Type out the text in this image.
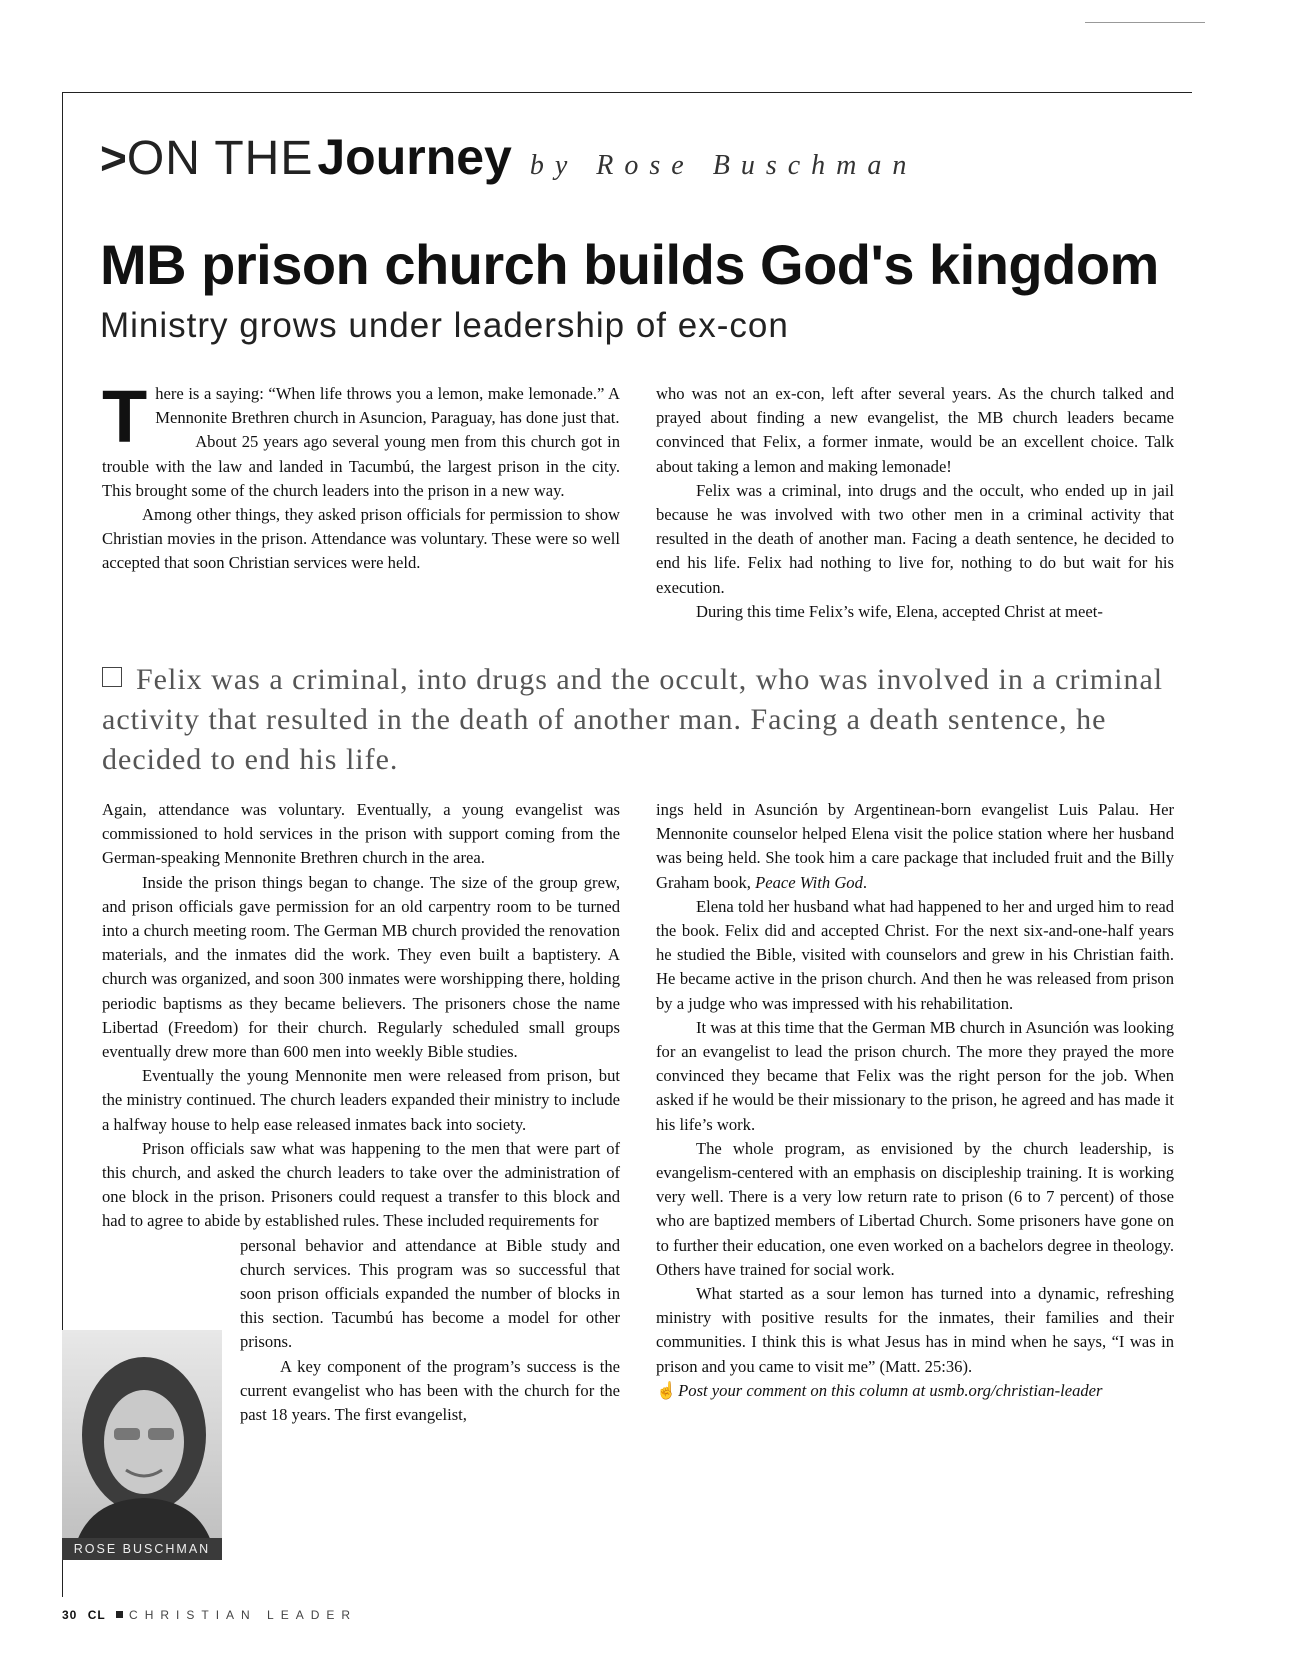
>ON THE Journey by Rose Buschman
MB prison church builds God's kingdom
Ministry grows under leadership of ex-con

There is a saying: “When life throws you a lemon, make lemonade.” A Mennonite Brethren church in Asuncion, Paraguay, has done just that.

About 25 years ago several young men from this church got in trouble with the law and landed in Tacumbú, the largest prison in the city. This brought some of the church leaders into the prison in a new way.

Among other things, they asked prison officials for permission to show Christian movies in the prison. Attendance was voluntary. These were so well accepted that soon Christian services were held.

who was not an ex-con, left after several years. As the church talked and prayed about finding a new evangelist, the MB church leaders became convinced that Felix, a former inmate, would be an excellent choice. Talk about taking a lemon and making lemonade!

Felix was a criminal, into drugs and the occult, who ended up in jail because he was involved with two other men in a criminal activity that resulted in the death of another man. Facing a death sentence, he decided to end his life. Felix had nothing to live for, nothing to do but wait for his execution.

During this time Felix’s wife, Elena, accepted Christ at meet-

Felix was a criminal, into drugs and the occult, who was involved in a criminal activity that resulted in the death of another man. Facing a death sentence, he decided to end his life.

Again, attendance was voluntary. Eventually, a young evangelist was commissioned to hold services in the prison with support coming from the German-speaking Mennonite Brethren church in the area.

Inside the prison things began to change. The size of the group grew, and prison officials gave permission for an old carpentry room to be turned into a church meeting room. The German MB church provided the renovation materials, and the inmates did the work. They even built a baptistery. A church was organized, and soon 300 inmates were worshipping there, holding periodic baptisms as they became believers. The prisoners chose the name Libertad (Freedom) for their church. Regularly scheduled small groups eventually drew more than 600 men into weekly Bible studies.

Eventually the young Mennonite men were released from prison, but the ministry continued. The church leaders expanded their ministry to include a halfway house to help ease released inmates back into society.

Prison officials saw what was happening to the men that were part of this church, and asked the church leaders to take over the administration of one block in the prison. Prisoners could request a transfer to this block and had to agree to abide by established rules. These included requirements for

personal behavior and attendance at Bible study and church services. This program was so successful that soon prison officials expanded the number of blocks in this section. Tacumbú has become a model for other prisons.

A key component of the program’s success is the current evangelist who has been with the church for the past 18 years. The first evangelist,

ings held in Asunción by Argentinean-born evangelist Luis Palau. Her Mennonite counselor helped Elena visit the police station where her husband was being held. She took him a care package that included fruit and the Billy Graham book, Peace With God.

Elena told her husband what had happened to her and urged him to read the book. Felix did and accepted Christ. For the next six-and-one-half years he studied the Bible, visited with counselors and grew in his Christian faith. He became active in the prison church. And then he was released from prison by a judge who was impressed with his rehabilitation.

It was at this time that the German MB church in Asunción was looking for an evangelist to lead the prison church. The more they prayed the more convinced they became that Felix was the right person for the job. When asked if he would be their missionary to the prison, he agreed and has made it his life’s work.

The whole program, as envisioned by the church leadership, is evangelism-centered with an emphasis on discipleship training. It is working very well. There is a very low return rate to prison (6 to 7 percent) of those who are baptized members of Libertad Church. Some prisoners have gone on to further their education, one even worked on a bachelors degree in theology. Others have trained for social work.

What started as a sour lemon has turned into a dynamic, refreshing ministry with positive results for the inmates, their families and their communities. I think this is what Jesus has in mind when he says, “I was in prison and you came to visit me” (Matt. 25:36).

☝ Post your comment on this column at usmb.org/christian-leader

ROSE BUSCHMAN
30 CL CHRISTIAN LEADER
